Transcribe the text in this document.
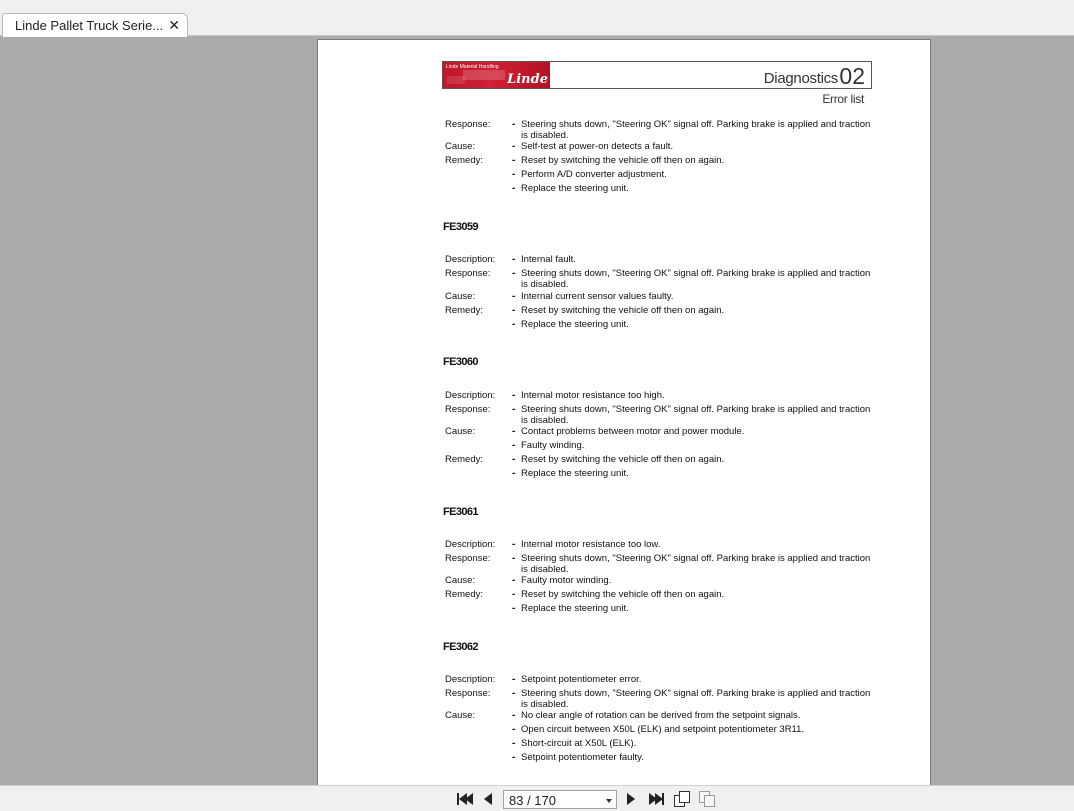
Linde Pallet Truck Serie... ✕
Linde Material Handling
Linde	Diagnostics 02
Error list
Response: - Steering shuts down, "Steering OK" signal off. Parking brake is applied and traction
is disabled.
Cause:	- Self-test at power-on detects a fault.
Remedy:	- Reset by switching the vehicle off then on again.
- Perform A/D converter adjustment.
- Replace the steering unit.
FE3059
Description: - Internal fault.
Response: - Steering shuts down, "Steering OK" signal off. Parking brake is applied and traction
is disabled.
Cause:	- Internal current sensor values faulty.
Remedy:	- Reset by switching the vehicle off then on again.
- Replace the steering unit.
FE3060
Description: - Internal motor resistance too high.
Response: - Steering shuts down, "Steering OK" signal off. Parking brake is applied and traction
is disabled.
Cause:	- Contact problems between motor and power module.
- Faulty winding.
Remedy:	- Reset by switching the vehicle off then on again.
- Replace the steering unit.
FE3061
Description: - Internal motor resistance too low.
Response: - Steering shuts down, "Steering OK" signal off. Parking brake is applied and traction
is disabled.
Cause:	- Faulty motor winding.
Remedy:	- Reset by switching the vehicle off then on again.
- Replace the steering unit.
FE3062
Description: - Setpoint potentiometer error.
Response: - Steering shuts down, "Steering OK" signal off. Parking brake is applied and traction
is disabled.
Cause:	- No clear angle of rotation can be derived from the setpoint signals.
- Open circuit between X50L (ELK) and setpoint potentiometer 3R11.
- Short-circuit at X50L (ELK).
- Setpoint potentiometer faulty.
83 / 170
